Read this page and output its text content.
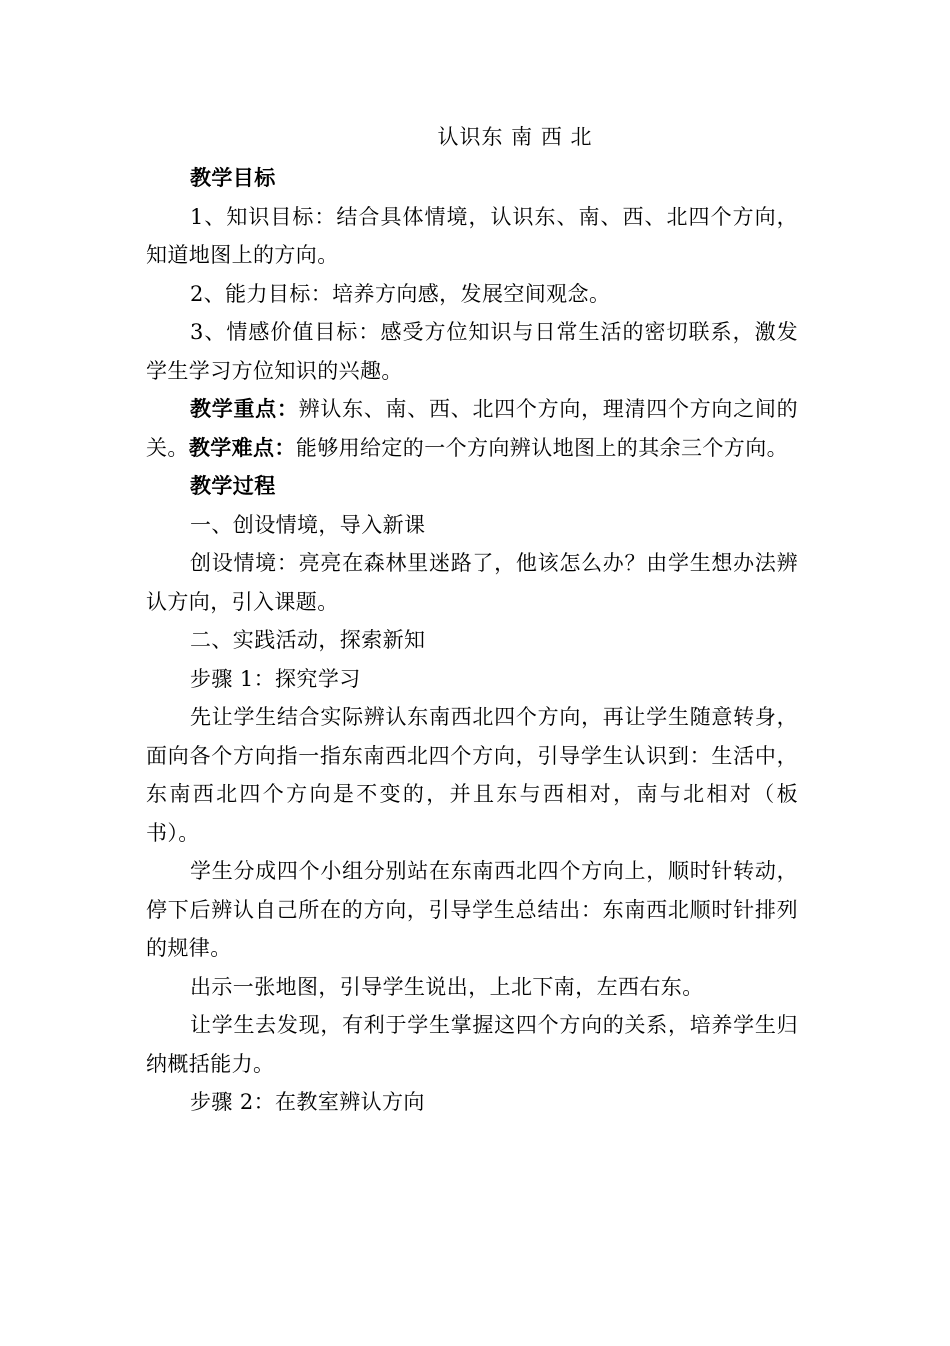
认识东 南 西 北

教学目标

1、知识目标：结合具体情境，认识东、南、西、北四个方向，知道地图上的方向。

2、能力目标：培养方向感，发展空间观念。

3、情感价值目标：感受方位知识与日常生活的密切联系，激发学生学习方位知识的兴趣。

教学重点：辨认东、南、西、北四个方向，理清四个方向之间的关。教学难点：能够用给定的一个方向辨认地图上的其余三个方向。

教学过程

一、创设情境，导入新课

创设情境：亮亮在森林里迷路了，他该怎么办？由学生想办法辨认方向，引入课题。

二、实践活动，探索新知

步骤 1：探究学习

先让学生结合实际辨认东南西北四个方向，再让学生随意转身，面向各个方向指一指东南西北四个方向，引导学生认识到：生活中，东南西北四个方向是不变的，并且东与西相对，南与北相对（板书）。

学生分成四个小组分别站在东南西北四个方向上，顺时针转动，停下后辨认自己所在的方向，引导学生总结出：东南西北顺时针排列的规律。

出示一张地图，引导学生说出，上北下南，左西右东。

让学生去发现，有利于学生掌握这四个方向的关系，培养学生归纳概括能力。

步骤 2：在教室辨认方向
